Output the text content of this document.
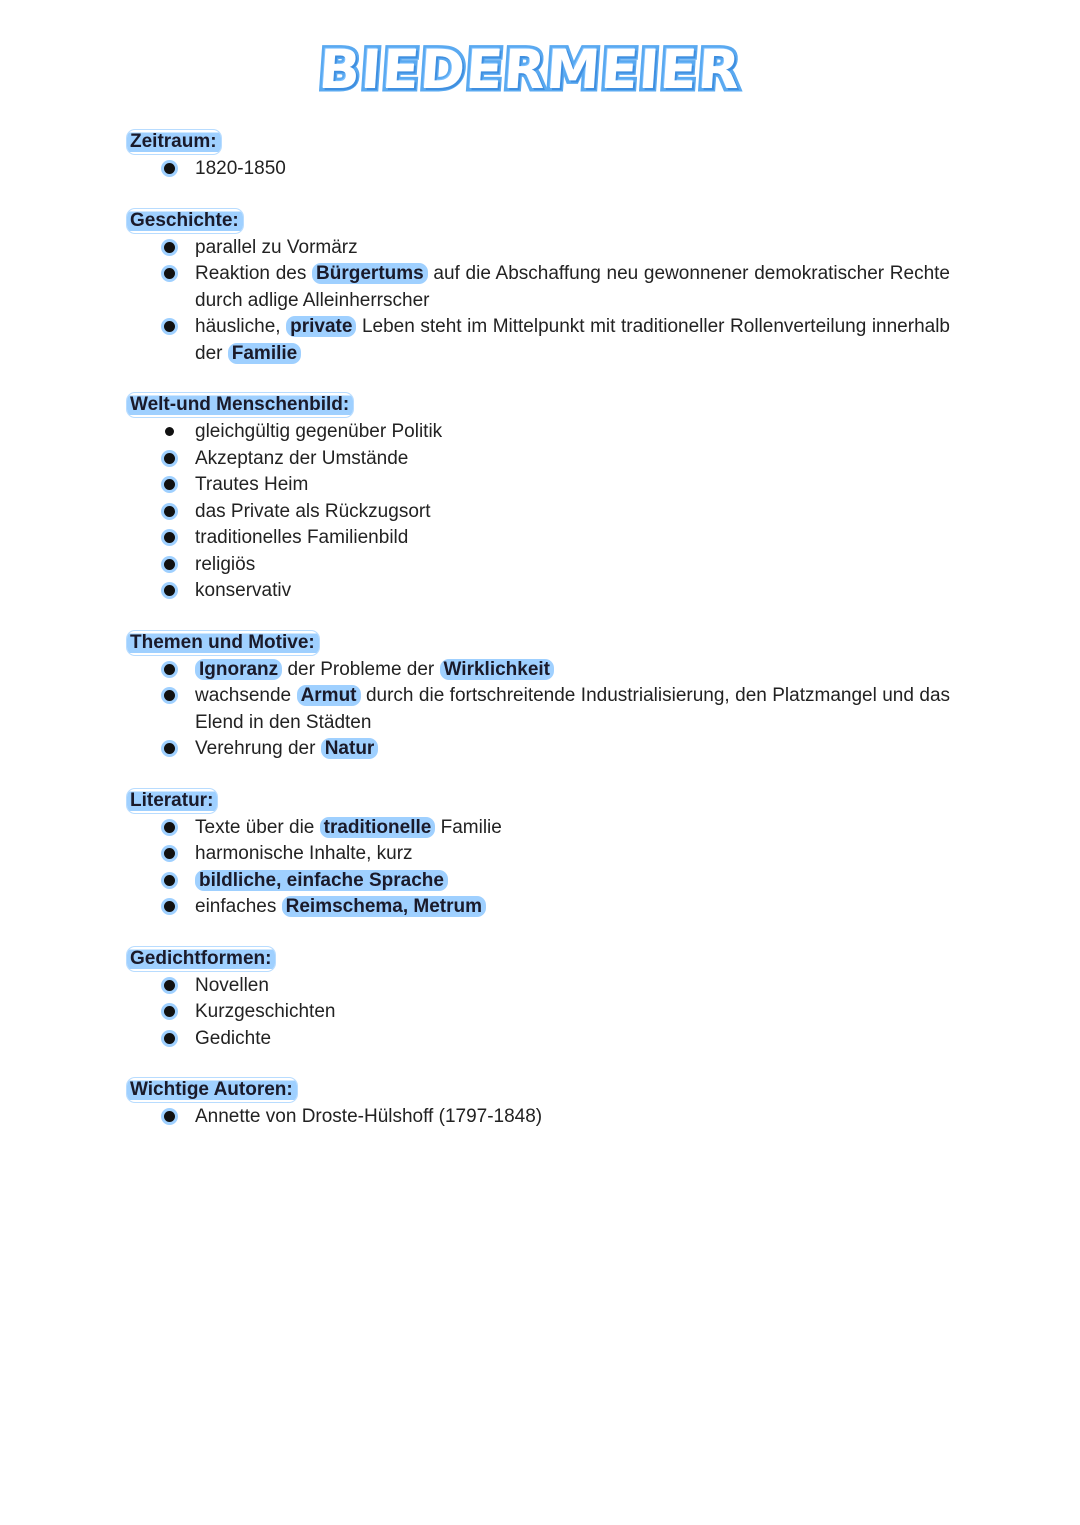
BIEDERMEIER
Zeitraum:
1820-1850
Geschichte:
parallel zu Vormärz
Reaktion des Bürgertums auf die Abschaffung neu gewonnener demokratischer Rechte durch adlige Alleinherrscher
häusliche, private Leben steht im Mittelpunkt mit traditioneller Rollenverteilung innerhalb der Familie
Welt-und Menschenbild:
gleichgültig gegenüber Politik
Akzeptanz der Umstände
Trautes Heim
das Private als Rückzugsort
traditionelles Familienbild
religiös
konservativ
Themen und Motive:
Ignoranz der Probleme der Wirklichkeit
wachsende Armut durch die fortschreitende Industrialisierung, den Platzmangel und das Elend in den Städten
Verehrung der Natur
Literatur:
Texte über die traditionelle Familie
harmonische Inhalte, kurz
bildliche, einfache Sprache
einfaches Reimschema, Metrum
Gedichtformen:
Novellen
Kurzgeschichten
Gedichte
Wichtige Autoren:
Annette von Droste-Hülshoff (1797-1848)
